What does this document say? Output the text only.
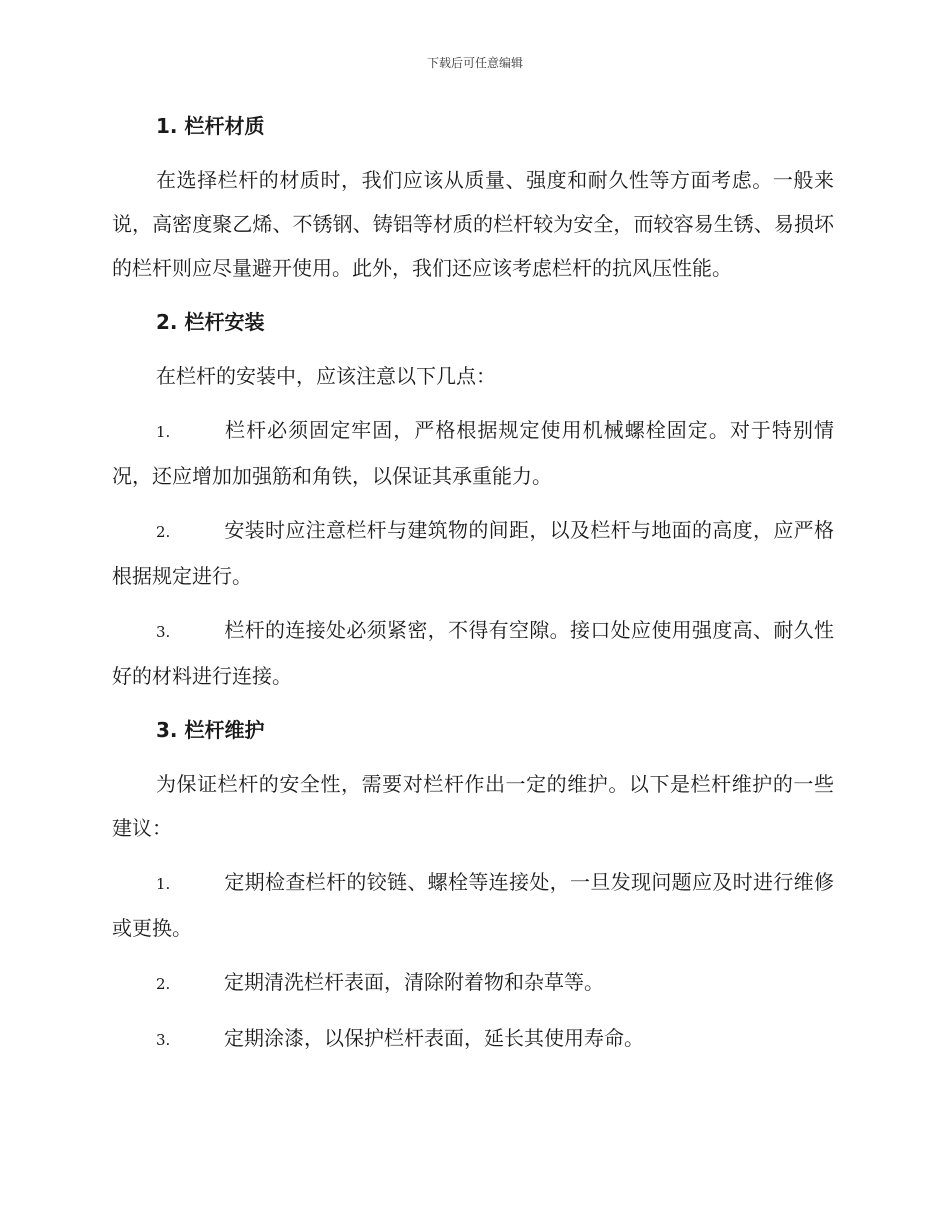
下载后可任意编辑
1. 栏杆材质

在选择栏杆的材质时，我们应该从质量、强度和耐久性等方面考虑。一般来说，高密度聚乙烯、不锈钢、铸铝等材质的栏杆较为安全，而较容易生锈、易损坏的栏杆则应尽量避开使用。此外，我们还应该考虑栏杆的抗风压性能。

2. 栏杆安装

在栏杆的安装中，应该注意以下几点：

1.	栏杆必须固定牢固，严格根据规定使用机械螺栓固定。对于特别情况，还应增加加强筋和角铁，以保证其承重能力。

2.	安装时应注意栏杆与建筑物的间距，以及栏杆与地面的高度，应严格根据规定进行。

3.	栏杆的连接处必须紧密，不得有空隙。接口处应使用强度高、耐久性好的材料进行连接。

3. 栏杆维护

为保证栏杆的安全性，需要对栏杆作出一定的维护。以下是栏杆维护的一些建议：

1.	定期检查栏杆的铰链、螺栓等连接处，一旦发现问题应及时进行维修或更换。

2.	定期清洗栏杆表面，清除附着物和杂草等。

3.	定期涂漆，以保护栏杆表面，延长其使用寿命。
